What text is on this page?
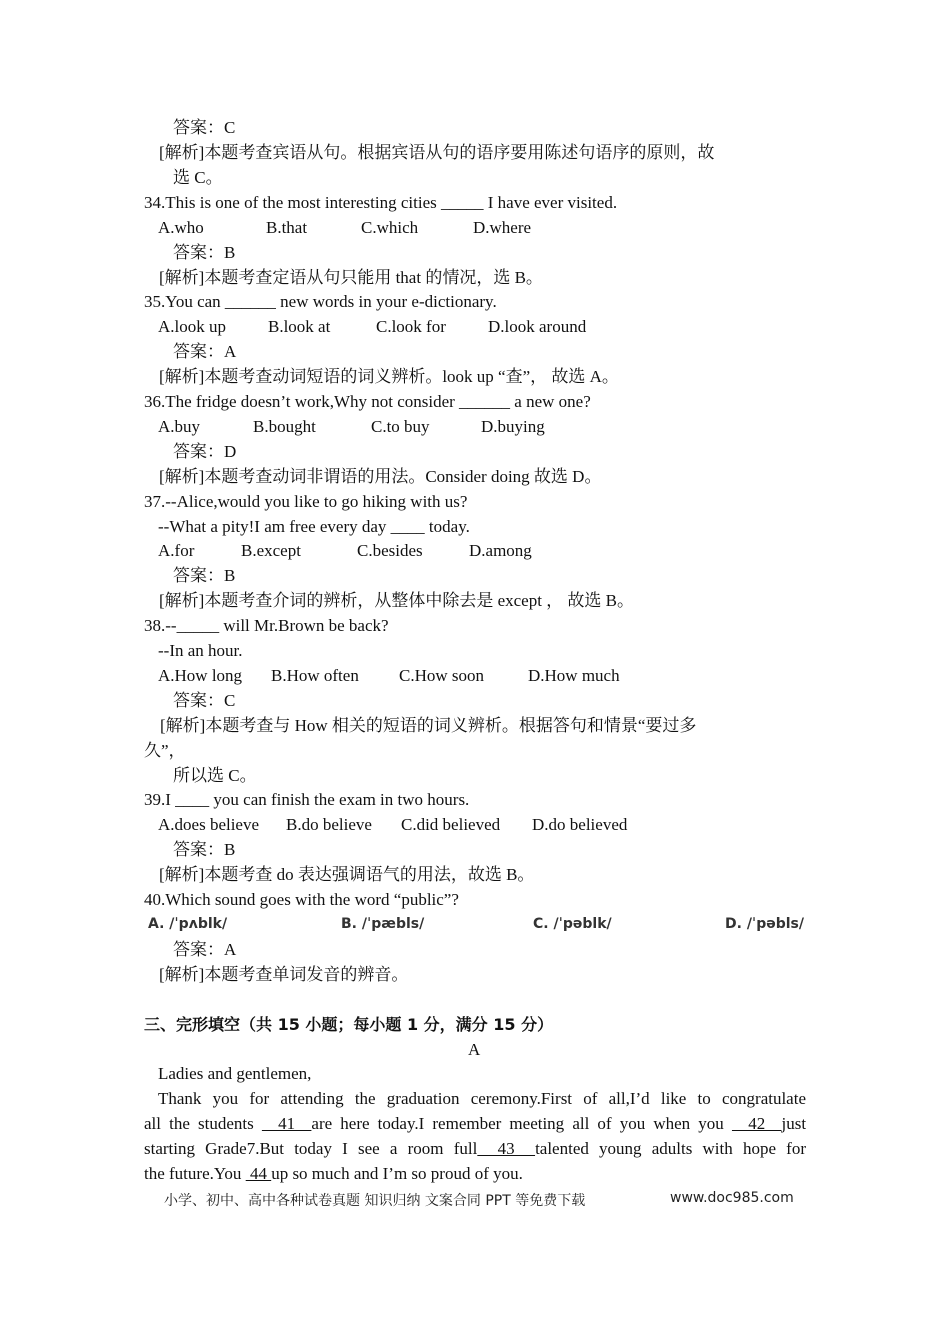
答案：C
[解析]本题考查宾语从句。根据宾语从句的语序要用陈述句语序的原则，故
选 C。
34.This is one of the most interesting cities _____ I have ever visited.
A.who	B.that	C.which	D.where
答案：B
[解析]本题考查定语从句只能用 that 的情况，选 B。
35.You can ______ new words in your e-dictionary.
A.look up B.look at	C.look for D.look around
答案：A
[解析]本题考查动词短语的词义辨析。look up “查”， 故选 A。
36.The fridge doesn’t work,Why not consider ______ a new one?
A.buy	B.bought	C.to buy	D.buying
答案：D
[解析]本题考查动词非谓语的用法。Consider doing 故选 D。
37.--Alice,would you like to go hiking with us?
--What a pity!I am free every day ____ today.
A.for	B.except	C.besides	D.among
答案：B
[解析]本题考查介词的辨析，从整体中除去是 except ， 故选 B。
38.--_____ will Mr.Brown be back?
--In an hour.
A.How long B.How often C.How soon	D.How much
答案：C
[解析]本题考查与 How 相关的短语的词义辨析。根据答句和情景“要过多
久”，
所以选 C。
39.I ____ you can finish the exam in two hours.
A.does believe B.do believe C.did believed D.do believed
答案：B
[解析]本题考查 do 表达强调语气的用法，故选 B。
40.Which sound goes with the word “public”?
A. /ˈpʌblk/	B. /ˈpæbls/	C. /ˈpəblk/	D. /ˈpəbls/
答案：A
[解析]本题考查单词发音的辨音。
三、完形填空（共 15 小题；每小题 1 分，满分 15 分）
A
Ladies and gentlemen,
Thank you for attending the graduation ceremony.First of all,I’d like to congratulate
all the students   41  are here today.I remember meeting all of you when you   42  just
starting Grade7.But today I see a room full  43  talented young adults with hope for
the future.You  44 up so much and I’m so proud of you.
小学、初中、高中各种试卷真题 知识归纳 文案合同 PPT 等免费下载	www.doc985.com
